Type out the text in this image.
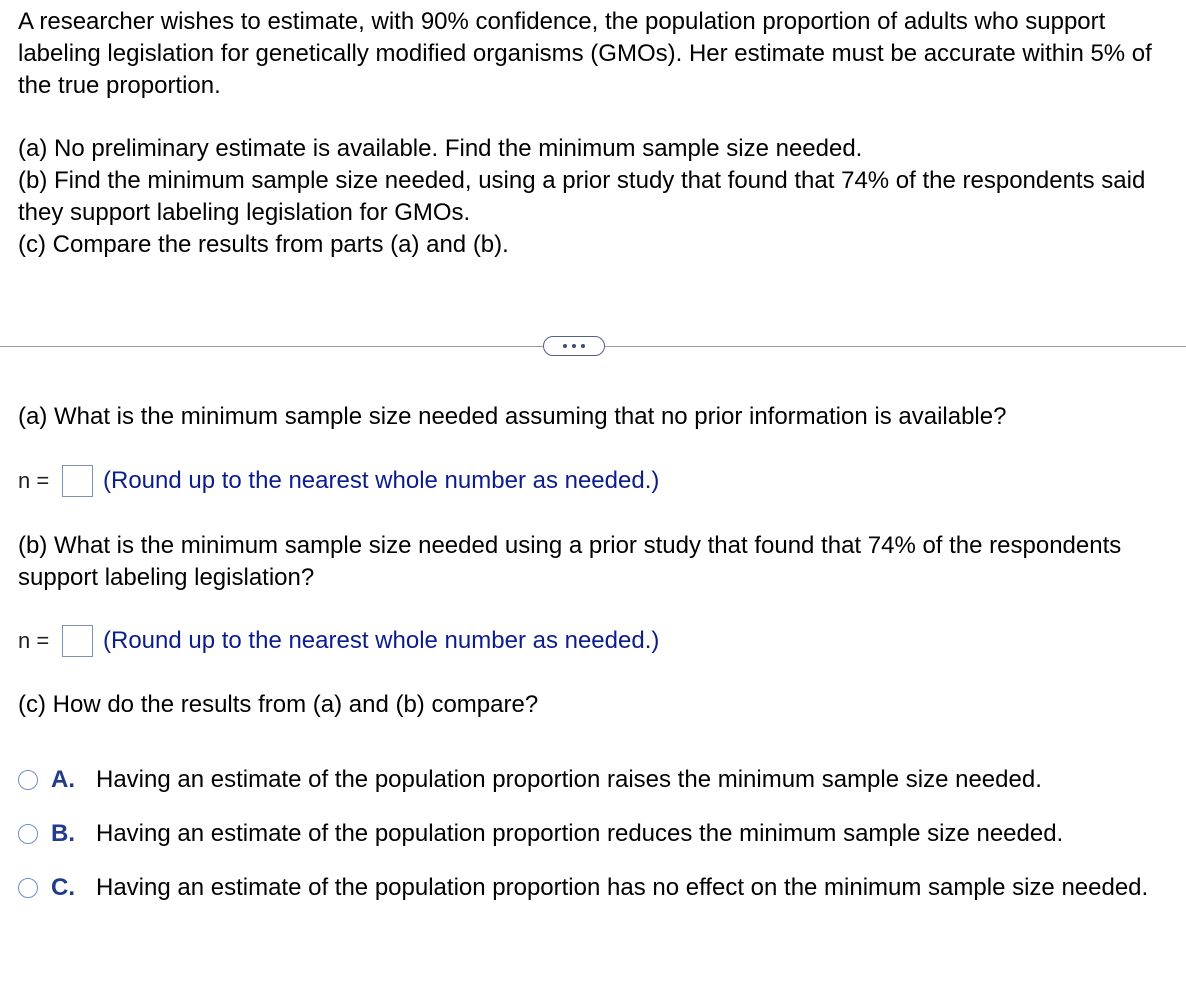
A researcher wishes to estimate, with 90% confidence, the population proportion of adults who support labeling legislation for genetically modified organisms (GMOs). Her estimate must be accurate within 5% of the true proportion.

(a) No preliminary estimate is available. Find the minimum sample size needed.

(b) Find the minimum sample size needed, using a prior study that found that 74% of the respondents said they support labeling legislation for GMOs.

(c) Compare the results from parts (a) and (b).

(a) What is the minimum sample size needed assuming that no prior information is available?
n =	(Round up to the nearest whole number as needed.)
(b) What is the minimum sample size needed using a prior study that found that 74% of the respondents support labeling legislation?
n =	(Round up to the nearest whole number as needed.)
(c) How do the results from (a) and (b) compare?
A. Having an estimate of the population proportion raises the minimum sample size needed.
B. Having an estimate of the population proportion reduces the minimum sample size needed.
C. Having an estimate of the population proportion has no effect on the minimum sample size needed.
